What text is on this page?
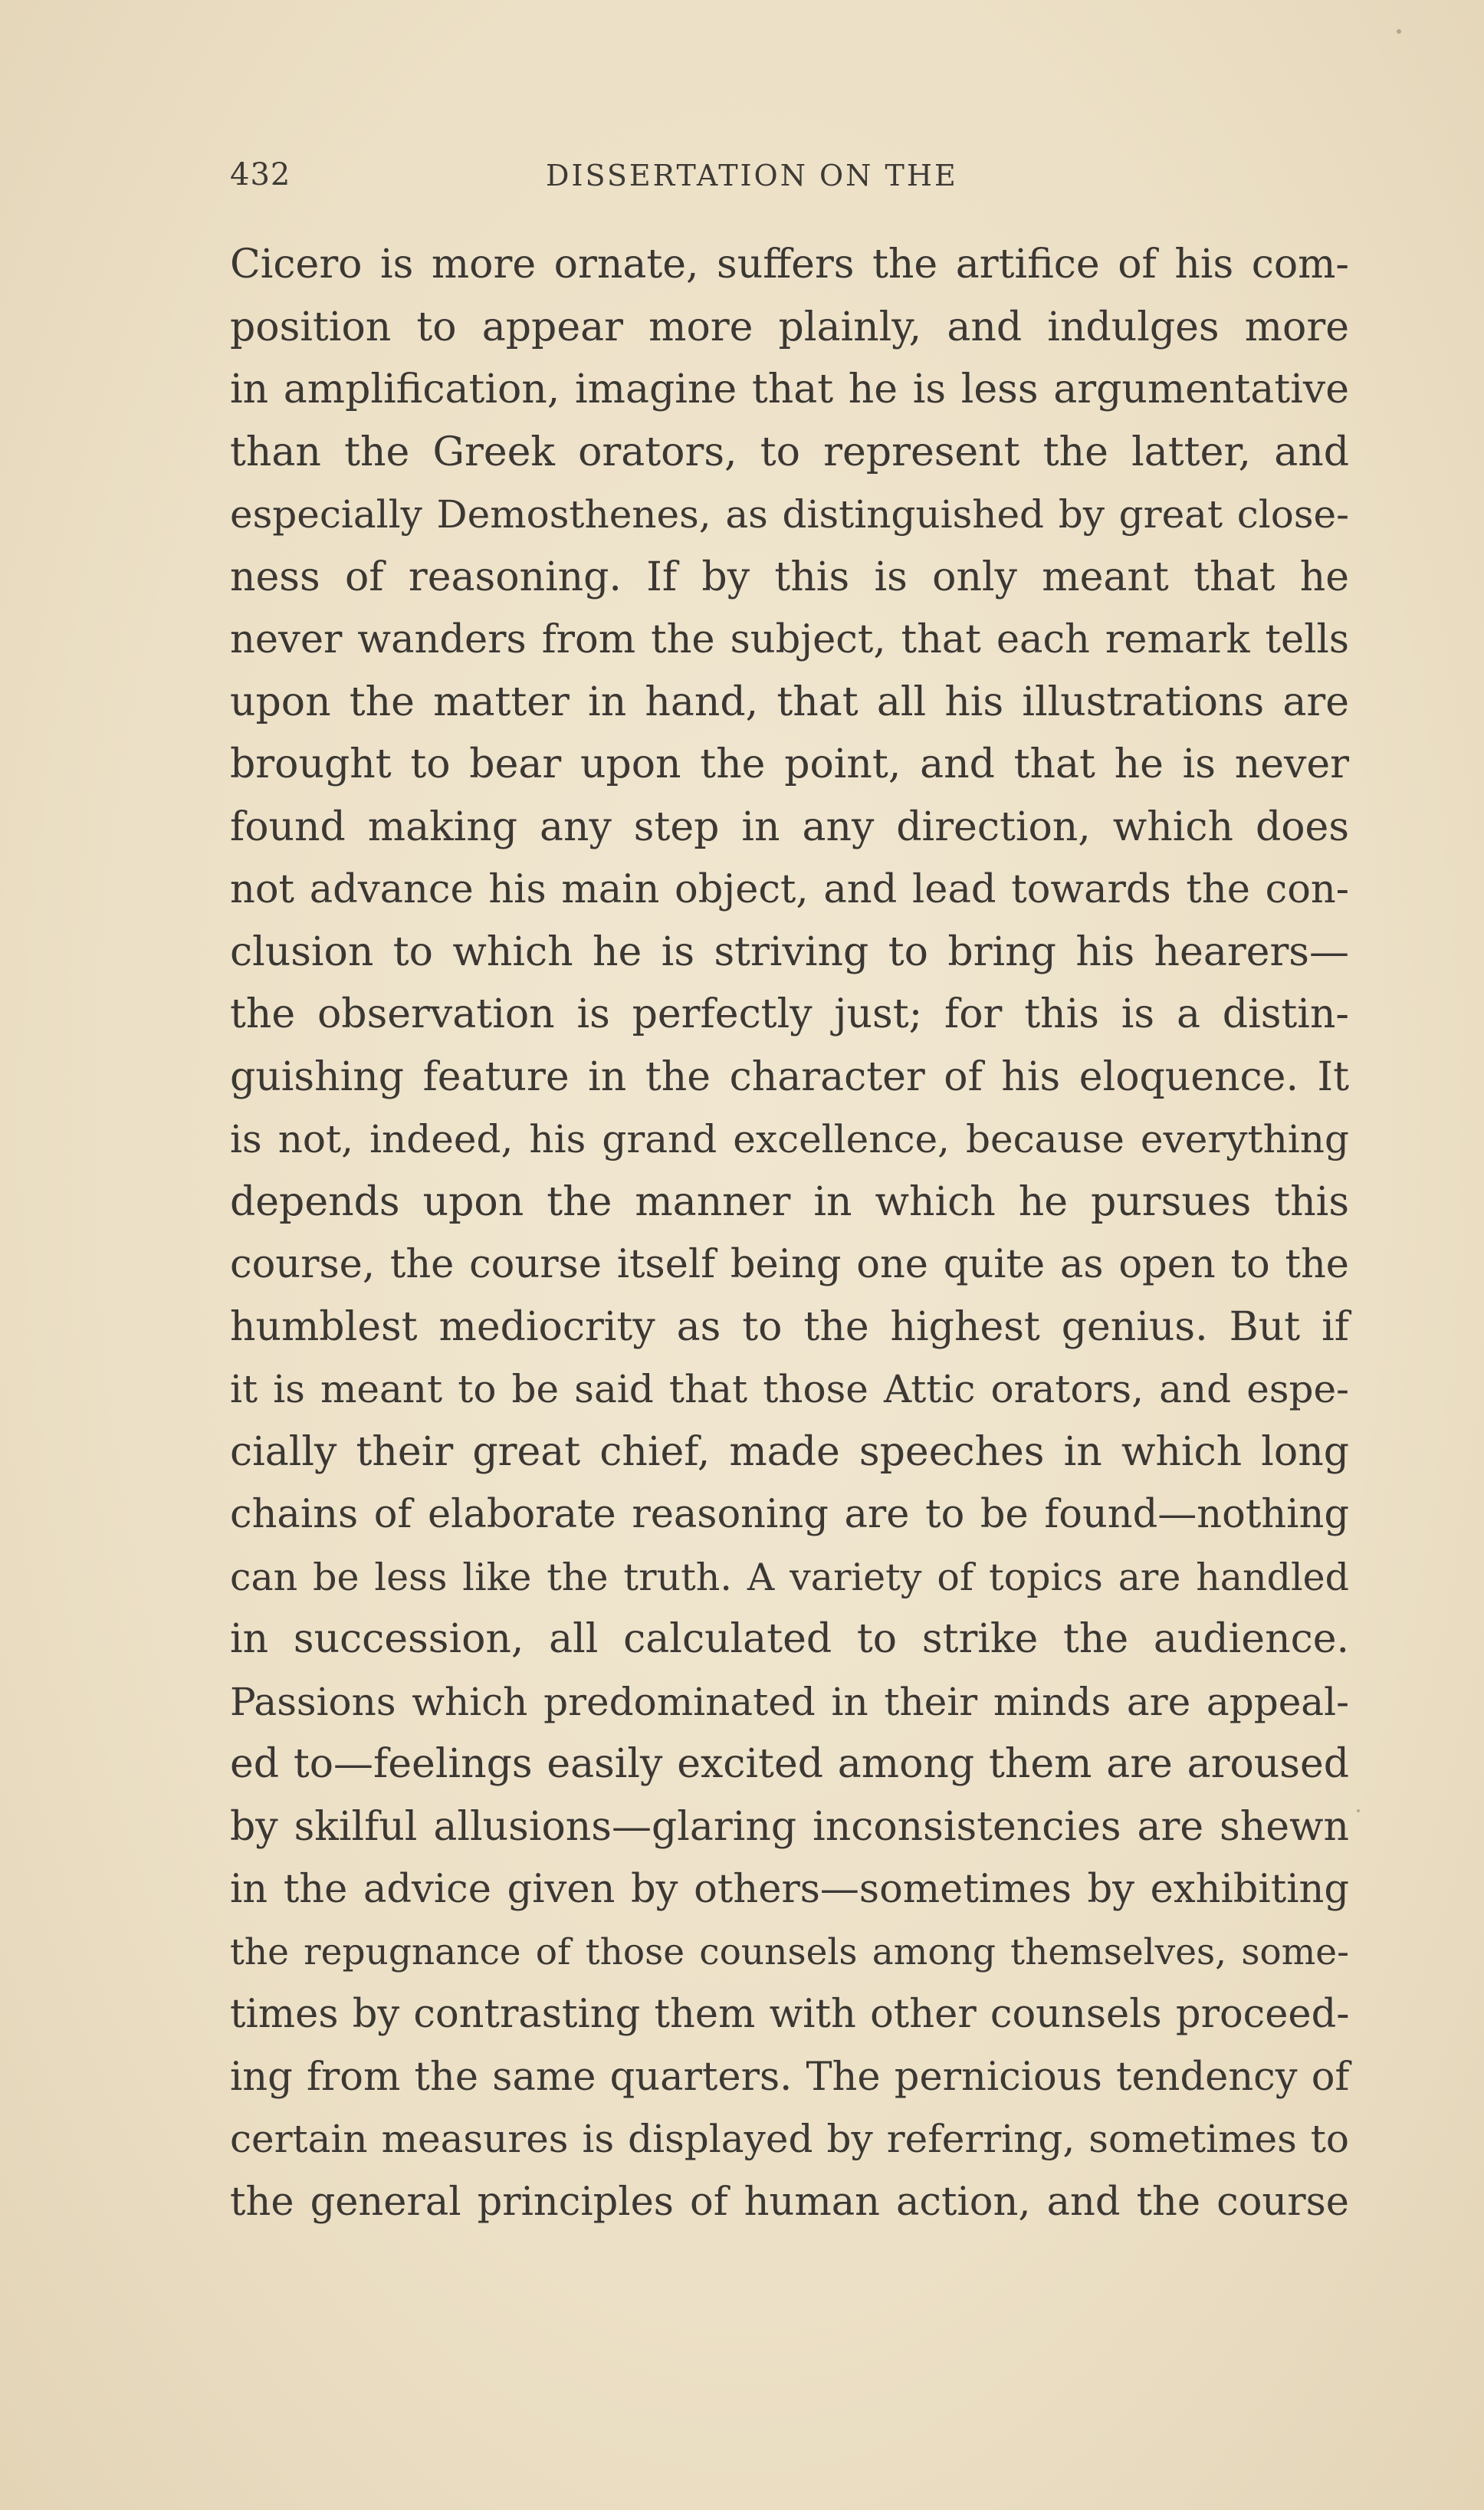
432	DISSERTATION ON THE
Cicero is more ornate, suffers the artifice of his com-
position to appear more plainly, and indulges more
in amplification, imagine that he is less argumentative
than the Greek orators, to represent the latter, and
especially Demosthenes, as distinguished by great close-
ness of reasoning. If by this is only meant that he
never wanders from the subject, that each remark tells
upon the matter in hand, that all his illustrations are
brought to bear upon the point, and that he is never
found making any step in any direction, which does
not advance his main object, and lead towards the con-
clusion to which he is striving to bring his hearers—
the observation is perfectly just; for this is a distin-
guishing feature in the character of his eloquence. It
is not, indeed, his grand excellence, because everything
depends upon the manner in which he pursues this
course, the course itself being one quite as open to the
humblest mediocrity as to the highest genius. But if
it is meant to be said that those Attic orators, and espe-
cially their great chief, made speeches in which long
chains of elaborate reasoning are to be found—nothing
can be less like the truth. A variety of topics are handled
in succession, all calculated to strike the audience.
Passions which predominated in their minds are appeal-
ed to—feelings easily excited among them are aroused
by skilful allusions—glaring inconsistencies are shewn
in the advice given by others—sometimes by exhibiting
the repugnance of those counsels among themselves, some-
times by contrasting them with other counsels proceed-
ing from the same quarters. The pernicious tendency of
certain measures is displayed by referring, sometimes to
the general principles of human action, and the course
